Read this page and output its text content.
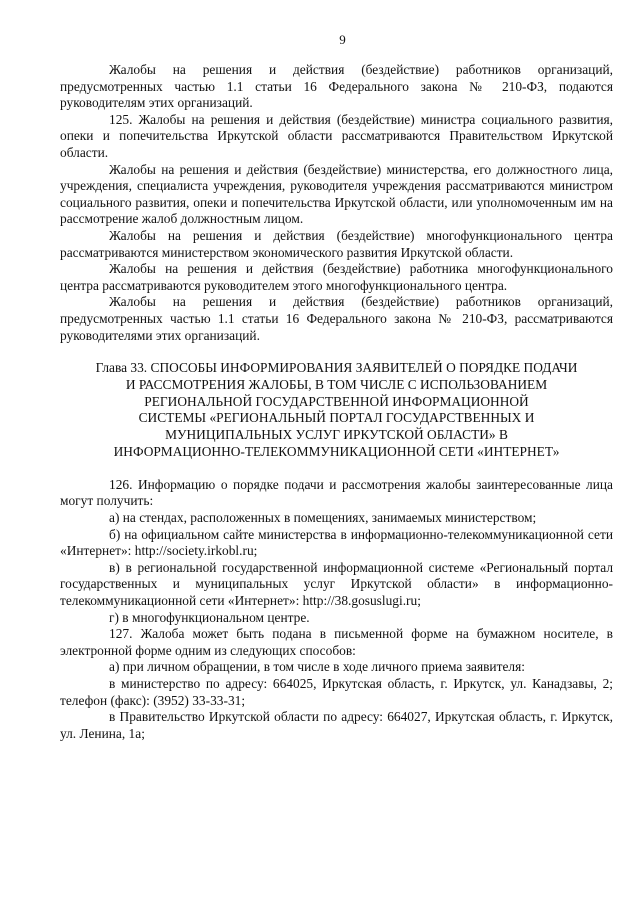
9

Жалобы на решения и действия (бездействие) работников организаций, предусмотренных частью 1.1 статьи 16 Федерального закона № 210-ФЗ, подаются руководителям этих организаций.

125. Жалобы на решения и действия (бездействие) министра социального развития, опеки и попечительства Иркутской области рассматриваются Правительством Иркутской области.

Жалобы на решения и действия (бездействие) министерства, его должностного лица, учреждения, специалиста учреждения, руководителя учреждения рассматриваются министром социального развития, опеки и попечительства Иркутской области, или уполномоченным им на рассмотрение жалоб должностным лицом.

Жалобы на решения и действия (бездействие) многофункционального центра рассматриваются министерством экономического развития Иркутской области.

Жалобы на решения и действия (бездействие) работника многофункционального центра рассматриваются руководителем этого многофункционального центра.

Жалобы на решения и действия (бездействие) работников организаций, предусмотренных частью 1.1 статьи 16 Федерального закона № 210-ФЗ, рассматриваются руководителями этих организаций.

Глава 33. СПОСОБЫ ИНФОРМИРОВАНИЯ ЗАЯВИТЕЛЕЙ О ПОРЯДКЕ ПОДАЧИ
И РАССМОТРЕНИЯ ЖАЛОБЫ, В ТОМ ЧИСЛЕ С ИСПОЛЬЗОВАНИЕМ
РЕГИОНАЛЬНОЙ ГОСУДАРСТВЕННОЙ ИНФОРМАЦИОННОЙ
СИСТЕМЫ «РЕГИОНАЛЬНЫЙ ПОРТАЛ ГОСУДАРСТВЕННЫХ И
МУНИЦИПАЛЬНЫХ УСЛУГ ИРКУТСКОЙ ОБЛАСТИ» В
ИНФОРМАЦИОННО-ТЕЛЕКОММУНИКАЦИОННОЙ СЕТИ «ИНТЕРНЕТ»

126. Информацию о порядке подачи и рассмотрения жалобы заинтересованные лица могут получить:

а) на стендах, расположенных в помещениях, занимаемых министерством;

б) на официальном сайте министерства в информационно-телекоммуникационной сети «Интернет»: http://society.irkobl.ru;

в) в региональной государственной информационной системе «Региональный портал государственных и муниципальных услуг Иркутской области» в информационно-телекоммуникационной сети «Интернет»: http://38.gosuslugi.ru;

г) в многофункциональном центре.

127. Жалоба может быть подана в письменной форме на бумажном носителе, в электронной форме одним из следующих способов:

а) при личном обращении, в том числе в ходе личного приема заявителя:

в министерство по адресу: 664025, Иркутская область, г. Иркутск, ул. Канадзавы, 2; телефон (факс): (3952) 33-33-31;

в Правительство Иркутской области по адресу: 664027, Иркутская область, г. Иркутск, ул. Ленина, 1а;
